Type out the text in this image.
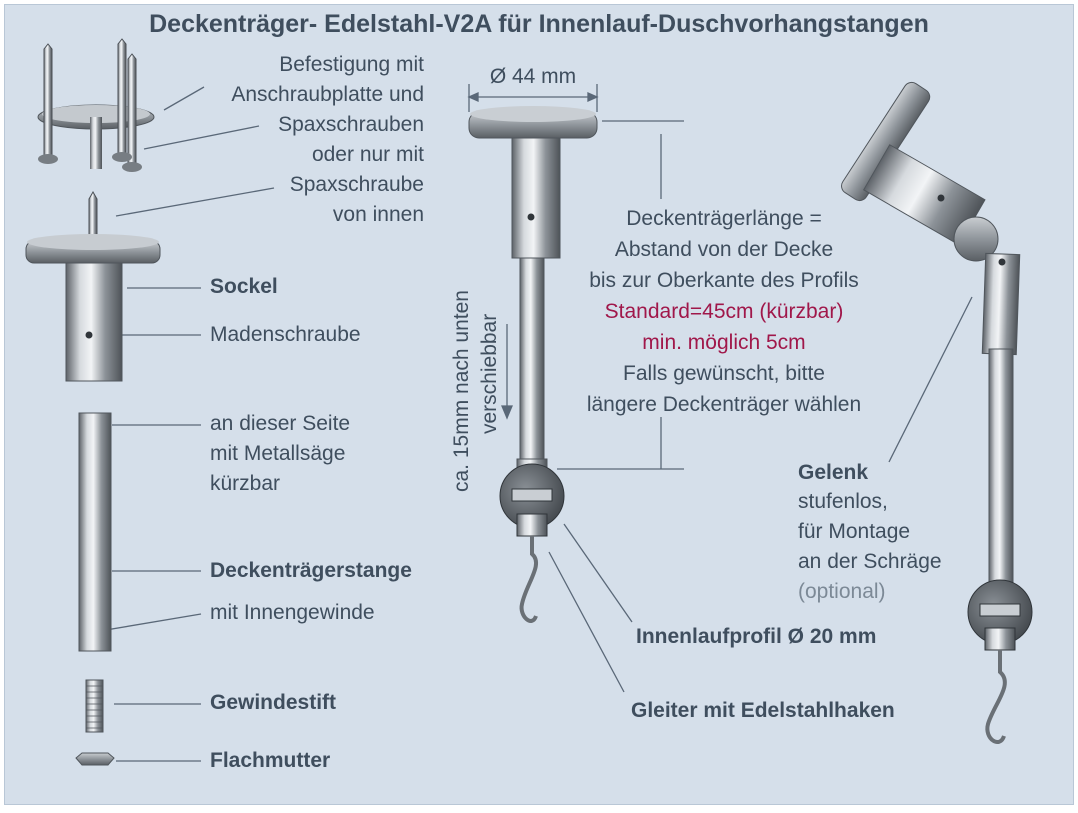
Deckenträger- Edelstahl-V2A für Innenlauf-Duschvorhangstangen
Befestigung mit
Anschraubplatte und
Spaxschrauben
oder nur mit
Spaxschraube
von innen
Sockel
Madenschraube
an dieser Seite
mit Metallsäge
kürzbar
Deckenträgerstange
mit Innengewinde
Gewindestift
Flachmutter
Ø 44 mm
Deckenträgerlänge =
Abstand von der Decke
bis zur Oberkante des Profils
Standard=45cm (kürzbar)
min. möglich 5cm
Falls gewünscht, bitte
längere Deckenträger wählen
ca. 15mm nach unten verschiebbar
Innenlaufprofil Ø 20 mm
Gleiter mit Edelstahlhaken
Gelenk
stufenlos,
für Montage
an der Schräge
(optional)
